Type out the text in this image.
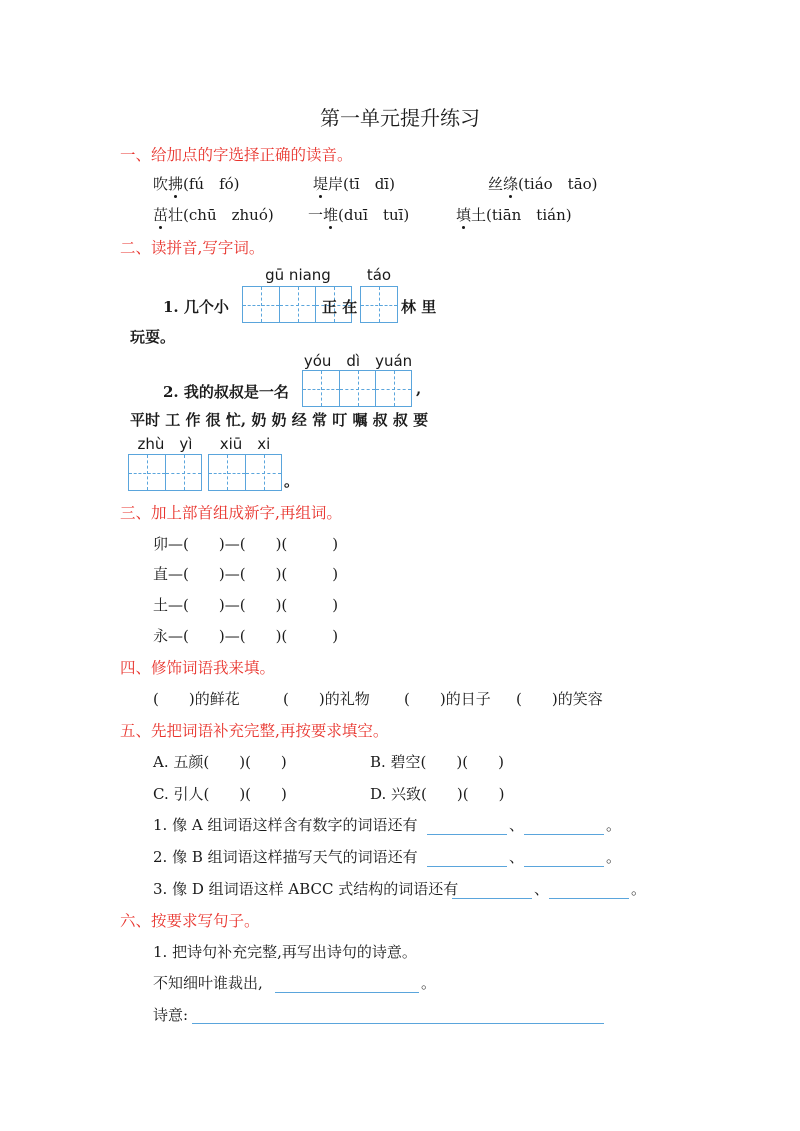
第一单元提升练习
一、给加点的字选择正确的读音。
吹拂(fú　fó)	堤岸(tī　dī)	丝绦(tiáo　tāo)
茁壮(chū　zhuó) 一堆(duī　tuī)	填土(tiān　tián)
二、读拼音,写字词。
gū niang	táo
1. 几个小	正 在	林 里
玩耍。
yóu　dì　yuán
2. 我的叔叔是一名	,
平时 工 作 很 忙, 奶 奶 经 常 叮 嘱 叔 叔 要
zhù　yì	xiū　xi
。
三、加上部首组成新字,再组词。
卯—(　　)—(　　)(　　　)
直—(　　)—(　　)(　　　)
土—(　　)—(　　)(　　　)
永—(　　)—(　　)(　　　)
四、修饰词语我来填。
(　　)的鲜花	(　　)的礼物 (　　)的日子 (　　)的笑容
五、先把词语补充完整,再按要求填空。
A. 五颜(　　)(　　)	B. 碧空(　　)(　　)
C. 引人(　　)(　　)	D. 兴致(　　)(　　)
1. 像 A 组词语这样含有数字的词语还有	、	。
2. 像 B 组词语这样描写天气的词语还有	、	。
3. 像 D 组词语这样 ABCC 式结构的词语还有	、	。
六、按要求写句子。
1. 把诗句补充完整,再写出诗句的诗意。
不知细叶谁裁出,	。
诗意:
